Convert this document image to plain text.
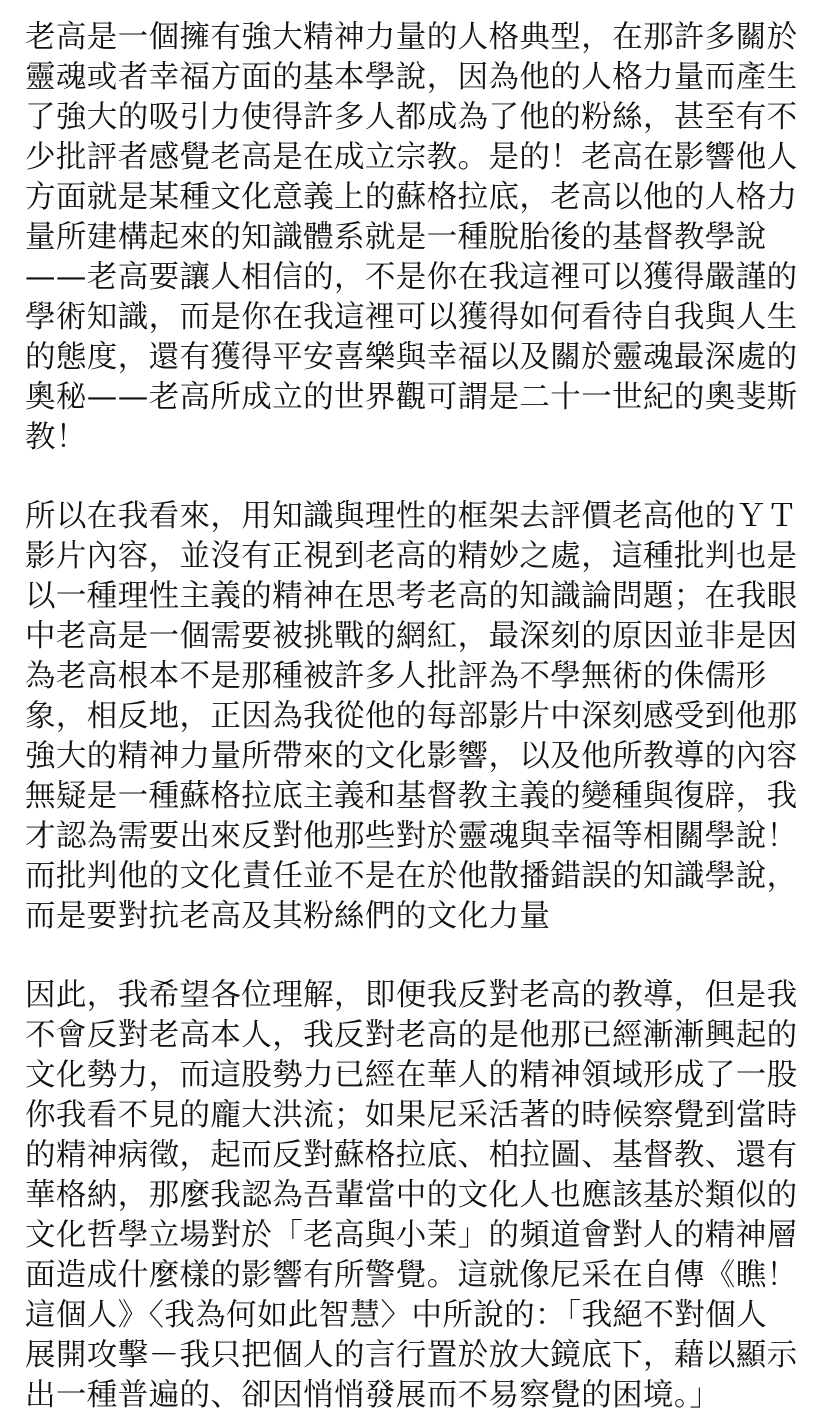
老高是一個擁有強大精神力量的人格典型，在那許多關於
靈魂或者幸福方面的基本學說，因為他的人格力量而產生
了強大的吸引力使得許多人都成為了他的粉絲，甚至有不
少批評者感覺老高是在成立宗教。是的！老高在影響他人
方面就是某種文化意義上的蘇格拉底，老高以他的人格力
量所建構起來的知識體系就是一種脫胎後的基督教學說
——老高要讓人相信的，不是你在我這裡可以獲得嚴謹的
學術知識，而是你在我這裡可以獲得如何看待自我與人生
的態度，還有獲得平安喜樂與幸福以及關於靈魂最深處的
奧秘——老高所成立的世界觀可謂是二十一世紀的奧斐斯
教！
所以在我看來，用知識與理性的框架去評價老高他的ＹＴ
影片內容，並沒有正視到老高的精妙之處，這種批判也是
以一種理性主義的精神在思考老高的知識論問題；在我眼
中老高是一個需要被挑戰的網紅，最深刻的原因並非是因
為老高根本不是那種被許多人批評為不學無術的侏儒形
象，相反地，正因為我從他的每部影片中深刻感受到他那
強大的精神力量所帶來的文化影響，以及他所教導的內容
無疑是一種蘇格拉底主義和基督教主義的變種與復辟，我
才認為需要出來反對他那些對於靈魂與幸福等相關學說！
而批判他的文化責任並不是在於他散播錯誤的知識學說，
而是要對抗老高及其粉絲們的文化力量
因此，我希望各位理解，即便我反對老高的教導，但是我
不會反對老高本人，我反對老高的是他那已經漸漸興起的
文化勢力，而這股勢力已經在華人的精神領域形成了一股
你我看不見的龐大洪流；如果尼采活著的時候察覺到當時
的精神病徵，起而反對蘇格拉底、柏拉圖、基督教、還有
華格納，那麼我認為吾輩當中的文化人也應該基於類似的
文化哲學立場對於「老高與小茉」的頻道會對人的精神層
面造成什麼樣的影響有所警覺。這就像尼采在自傳《瞧！
這個人》〈我為何如此智慧〉中所說的：「我絕不對個人
展開攻擊－我只把個人的言行置於放大鏡底下，藉以顯示
出一種普遍的、卻因悄悄發展而不易察覺的困境。」
